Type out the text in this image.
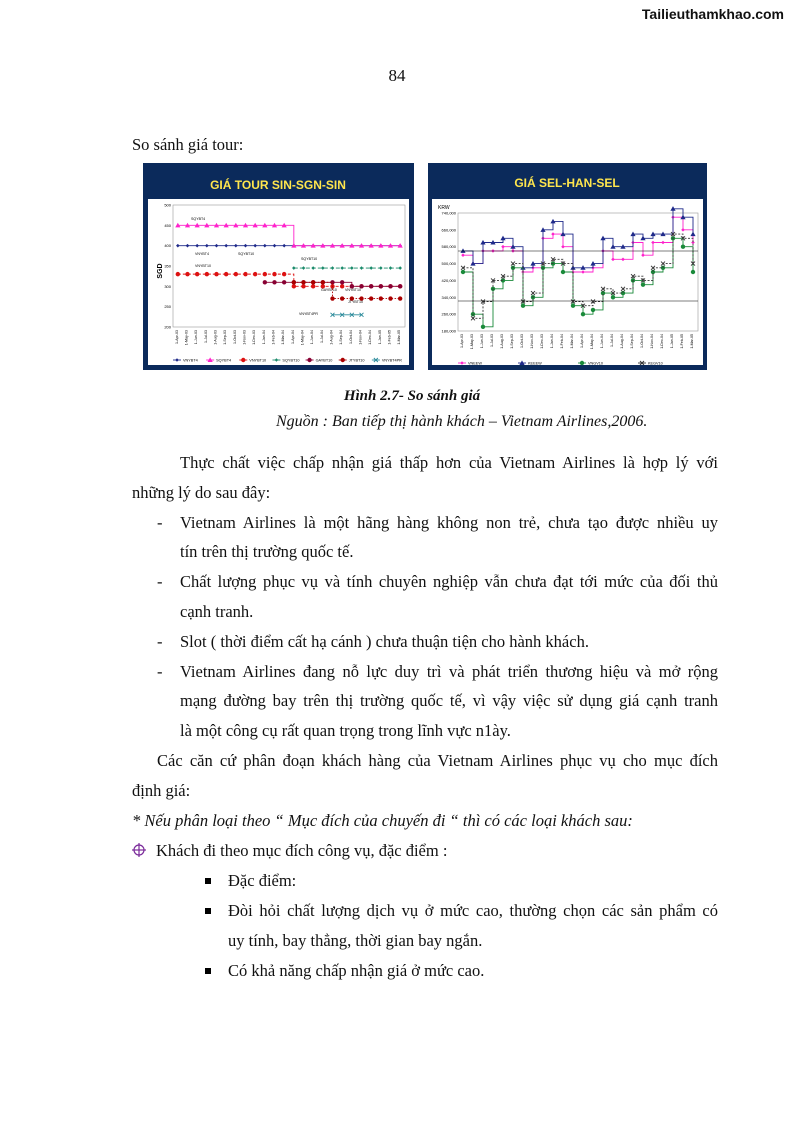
Tailieuthamkhao.com
84
So sánh giá tour:
GIÁ TOUR SIN-SGN-SIN
SGD
500
450
400
350
300
250
200
1-Apr-03 1-May-03 1-Jun-03 1-Jul-03 1-Aug-03 1-Sep-03 1-Oct-03 1-Nov-03 1-Dec-03 1-Jan-04 1-Feb-04 1-Mar-04 1-Apr-04 1-May-04 1-Jun-04 1-Jul-04 1-Aug-04 1-Sep-04 1-Oct-04 1-Nov-04 1-Dec-04 1-Jan-05 1-Feb-05 1-Mar-05
VNYBT4	SQYBT4	VNYBT10	SQYBT10	GAYBT10	JTYBT10	VNYBT4PR
SQYBT4
VNYBT4	SQYBT10
VNYBT10
SQYBT10
GAYBT10 VNYBT10
JTYBT10
VNYBT4PR
GIÁ SEL-HAN-SEL
KRW
740,000
660,000
580,000
500,000
420,000
340,000
260,000
180,000
1-Apr-03 1-May-03 1-Jun-03 1-Jul-03 1-Aug-03 1-Sep-03 1-Oct-03 1-Nov-03 1-Dec-03 1-Jan-04 1-Feb-04 1-Mar-04 1-Apr-04 1-May-04 1-Jun-04 1-Jul-04 1-Aug-04 1-Sep-04 1-Oct-04 1-Nov-04 1-Dec-04 1-Jan-05 1-Feb-05 1-Mar-05
VNEEW	KEEEW	VNGV10	KEGV10
Hình 2.7- So sánh giá
Nguồn : Ban tiếp thị hành khách – Vietnam Airlines,2006.
Thực chất việc chấp nhận giá thấp hơn của Vietnam Airlines là hợp lý với
những lý do sau đây:
- Vietnam Airlines là một hãng hàng không non trẻ, chưa tạo được nhiều uy
tín trên thị trường quốc tế.
- Chất lượng phục vụ và tính chuyên nghiệp vẫn chưa đạt tới mức của đối thủ
cạnh tranh.
- Slot ( thời điểm cất hạ cánh ) chưa thuận tiện cho hành khách.
- Vietnam Airlines đang nỗ lực duy trì và phát triển thương hiệu và mở rộng
mạng đường bay trên thị trường quốc tế, vì vậy việc sử dụng giá cạnh tranh
là một công cụ rất quan trọng trong lĩnh vực n1ày.
Các căn cứ phân đoạn khách hàng của Vietnam Airlines phục vụ cho mục đích
định giá:
* Nếu phân loại theo “ Mục đích của chuyến đi “ thì có các loại khách sau:
Khách đi theo mục đích công vụ, đặc điểm :
Đặc điểm:
Đòi hỏi chất lượng dịch vụ ở mức cao, thường chọn các sản phẩm có
uy tính, bay thẳng, thời gian bay ngắn.
Có khả năng chấp nhận giá ở mức cao.
